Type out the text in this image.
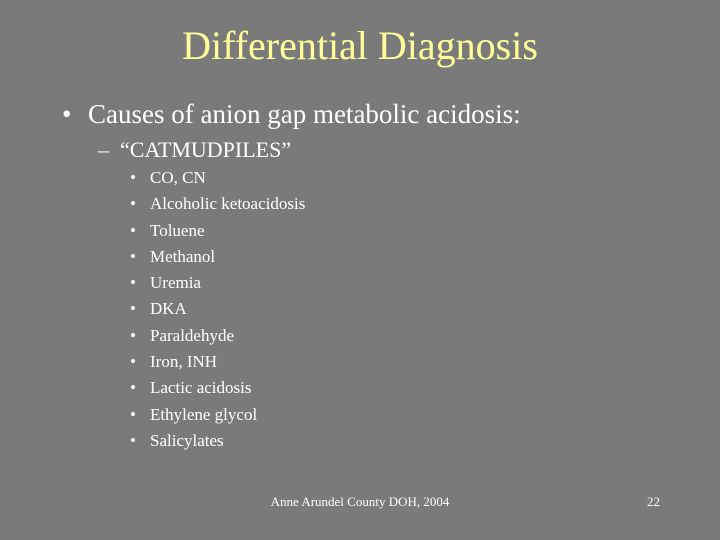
Differential Diagnosis
• Causes of anion gap metabolic acidosis:
– “CATMUDPILES”
• CO, CN
• Alcoholic ketoacidosis
• Toluene
• Methanol
• Uremia
• DKA
• Paraldehyde
• Iron, INH
• Lactic acidosis
• Ethylene glycol
• Salicylates
Anne Arundel County DOH, 2004	22
